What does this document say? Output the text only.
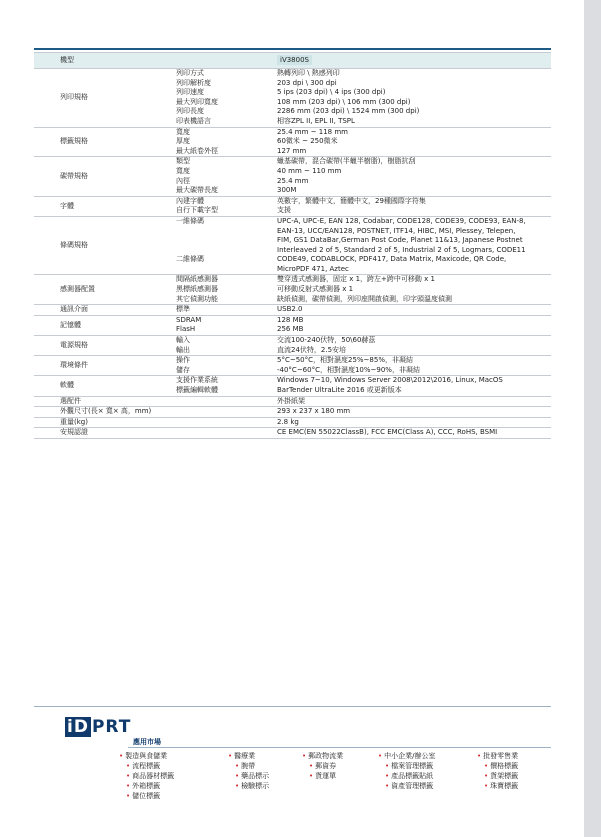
機型		iV3800S
列印規格	列印方式	熱轉列印 \ 熱感列印
	列印解析度	203 dpi \ 300 dpi
	列印速度	5 ips (203 dpi) \ 4 ips (300 dpi)
	最大列印寬度	108 mm (203 dpi) \ 106 mm (300 dpi)
	列印長度	2286 mm (203 dpi) \ 1524 mm (300 dpi)
	印表機語言	相容ZPL II, EPL II, TSPL
標籤規格	寬度	25.4 mm ~ 118 mm
	厚度	60微米 ~ 250微米
	最大紙卷外徑	127 mm
碳帶規格	類型	蠟基碳帶，混合碳帶(半蠟半樹脂)，樹脂抗刮
	寬度	40 mm ~ 110 mm
	內徑	25.4 mm
	最大碳帶長度	300M
字體	內建字體	英數字，繁體中文，簡體中文，29種國際字符集
	自行下載字型	支援
條碼規格	一維條碼	UPC-A, UPC-E, EAN 128, Codabar, CODE128, CODE39, CODE93, EAN-8,
		EAN-13, UCC/EAN128, POSTNET, ITF14, HIBC, MSI, Plessey, Telepen,
		FIM, GS1 DataBar,German Post Code, Planet 11&13, Japanese Postnet
		Interleaved 2 of 5, Standard 2 of 5, Industrial 2 of 5, Logmars, CODE11
	二維條碼	CODE49, CODABLOCK, PDF417, Data Matrix, Maxicode, QR Code,
		MicroPDF 471, Aztec
感測器配置	間隔紙感測器	雙穿透式感測器，固定 x 1，跨左+跨中可移動 x 1
	黑標紙感測器	可移動反射式感測器 x 1
	其它偵測功能	缺紙偵測，碳帶偵測，列印座開啟偵測，印字頭溫度偵測
通訊介面	標準	USB2.0
記憶體	SDRAM	128 MB
	FlasH	256 MB
電源規格	輸入	交流100-240伏特，50\60赫茲
	輸出	直流24伏特，2.5安培
環境條件	操作	5°C~50°C，相對濕度25%~85%，非凝結
	儲存	-40°C~60°C，相對濕度10%~90%，非凝結
軟體	支援作業系統	Windows 7~10, Windows Server 2008\2012\2016, Linux, MacOS
	標籤編輯軟體	BarTender UltraLite 2016 或更新版本
選配件		外掛紙架
外觀尺寸(長× 寬× 高，mm)		293 x 237 x 180 mm
重量(kg)		2.8 kg
安規認證		CE EMC(EN 55022ClassB), FCC EMC(Class A), CCC, RoHS, BSMI
iD PRT
應用市場
• 製造與食儲業
• 流程標籤
• 商品器材標籤
• 外箱標籤
• 儲位標籤
• 醫療業
• 腕帶
• 藥品標示
• 檢驗標示
• 郵政物流業
• 郵資券
• 貨運單
• 中小企業/辦公室
• 檔案管理標籤
• 產品標籤貼紙
• 資產管理標籤
• 批發零售業
• 價格標籤
• 貨架標籤
• 珠寶標籤
